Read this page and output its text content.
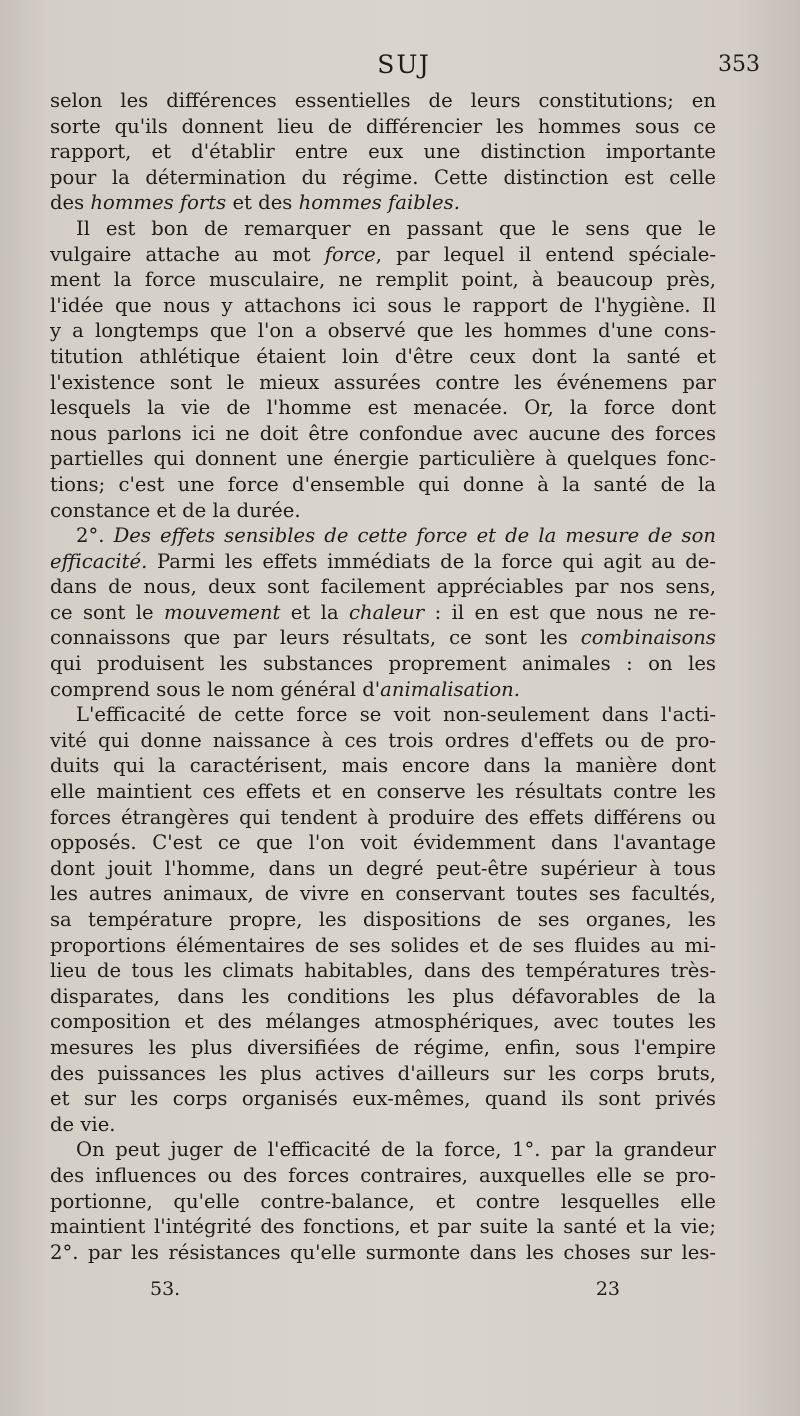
SUJ	353
selon les différences essentielles de leurs constitutions; en
sorte qu'ils donnent lieu de différencier les hommes sous ce
rapport, et d'établir entre eux une distinction importante
pour la détermination du régime. Cette distinction est celle
des hommes forts et des hommes faibles.
Il est bon de remarquer en passant que le sens que le
vulgaire attache au mot force, par lequel il entend spéciale-
ment la force musculaire, ne remplit point, à beaucoup près,
l'idée que nous y attachons ici sous le rapport de l'hygiène. Il
y a longtemps que l'on a observé que les hommes d'une cons-
titution athlétique étaient loin d'être ceux dont la santé et
l'existence sont le mieux assurées contre les événemens par
lesquels la vie de l'homme est menacée. Or, la force dont
nous parlons ici ne doit être confondue avec aucune des forces
partielles qui donnent une énergie particulière à quelques fonc-
tions; c'est une force d'ensemble qui donne à la santé de la
constance et de la durée.
2°. Des effets sensibles de cette force et de la mesure de son
efficacité. Parmi les effets immédiats de la force qui agit au de-
dans de nous, deux sont facilement appréciables par nos sens,
ce sont le mouvement et la chaleur : il en est que nous ne re-
connaissons que par leurs résultats, ce sont les combinaisons
qui produisent les substances proprement animales : on les
comprend sous le nom général d'animalisation.
L'efficacité de cette force se voit non-seulement dans l'acti-
vité qui donne naissance à ces trois ordres d'effets ou de pro-
duits qui la caractérisent, mais encore dans la manière dont
elle maintient ces effets et en conserve les résultats contre les
forces étrangères qui tendent à produire des effets différens ou
opposés. C'est ce que l'on voit évidemment dans l'avantage
dont jouit l'homme, dans un degré peut-être supérieur à tous
les autres animaux, de vivre en conservant toutes ses facultés,
sa température propre, les dispositions de ses organes, les
proportions élémentaires de ses solides et de ses fluides au mi-
lieu de tous les climats habitables, dans des températures très-
disparates, dans les conditions les plus défavorables de la
composition et des mélanges atmosphériques, avec toutes les
mesures les plus diversifiées de régime, enfin, sous l'empire
des puissances les plus actives d'ailleurs sur les corps bruts,
et sur les corps organisés eux-mêmes, quand ils sont privés
de vie.
On peut juger de l'efficacité de la force, 1°. par la grandeur
des influences ou des forces contraires, auxquelles elle se pro-
portionne, qu'elle contre-balance, et contre lesquelles elle
maintient l'intégrité des fonctions, et par suite la santé et la vie;
2°. par les résistances qu'elle surmonte dans les choses sur les-
53.	23
